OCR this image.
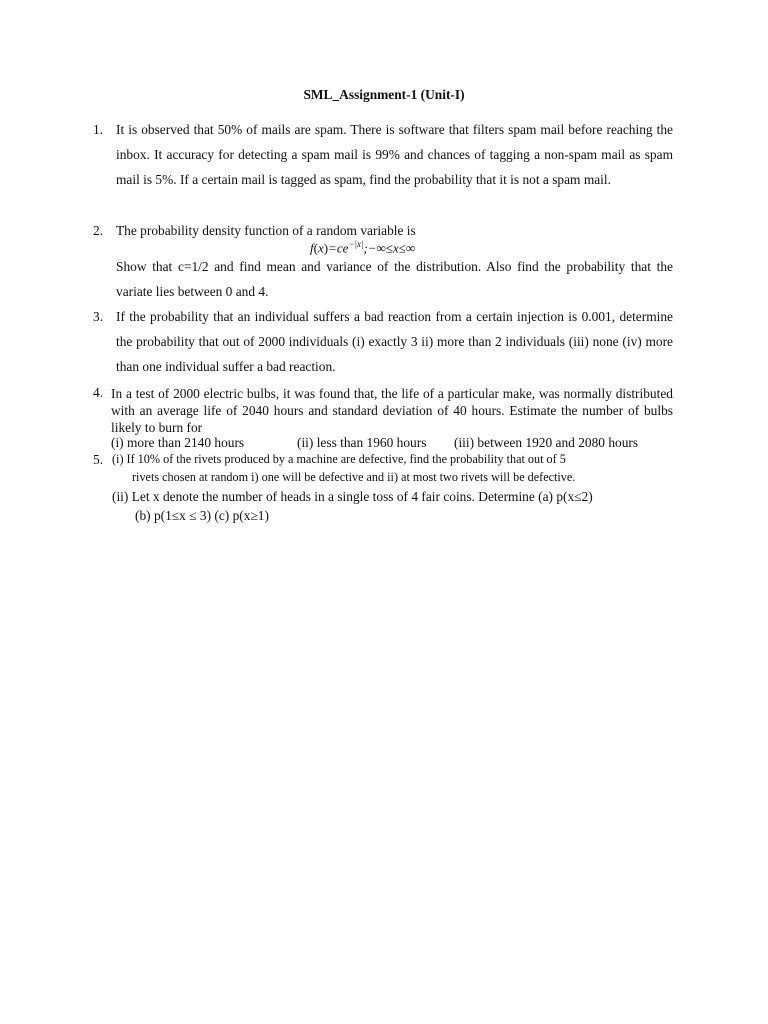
SML_Assignment-1 (Unit-I)
1. It is observed that 50% of mails are spam. There is software that filters spam mail before reaching the inbox. It accuracy for detecting a spam mail is 99% and chances of tagging a non-spam mail as spam mail is 5%. If a certain mail is tagged as spam, find the probability that it is not a spam mail.
2. The probability density function of a random variable is
$f(x)=ce^{-|x|};-\infty\le x\le\infty$
Show that c=1/2 and find mean and variance of the distribution. Also find the probability that the variate lies between 0 and 4.
3. If the probability that an individual suffers a bad reaction from a certain injection is 0.001, determine the probability that out of 2000 individuals (i) exactly 3 ii) more than 2 individuals (iii) none (iv) more than one individual suffer a bad reaction.
4. In a test of 2000 electric bulbs, it was found that, the life of a particular make, was normally distributed with an average life of 2040 hours and standard deviation of 40 hours. Estimate the number of bulbs likely to burn for
(i) more than 2140 hours	(ii) less than 1960 hours (iii) between 1920 and 2080 hours
5. (i) If 10% of the rivets produced by a machine are defective, find the probability that out of 5
rivets chosen at random i) one will be defective and ii) at most two rivets will be defective.
(ii) Let x denote the number of heads in a single toss of 4 fair coins. Determine (a) p(x≤2)
(b) p(1≤x ≤ 3) (c) p(x≥1)
